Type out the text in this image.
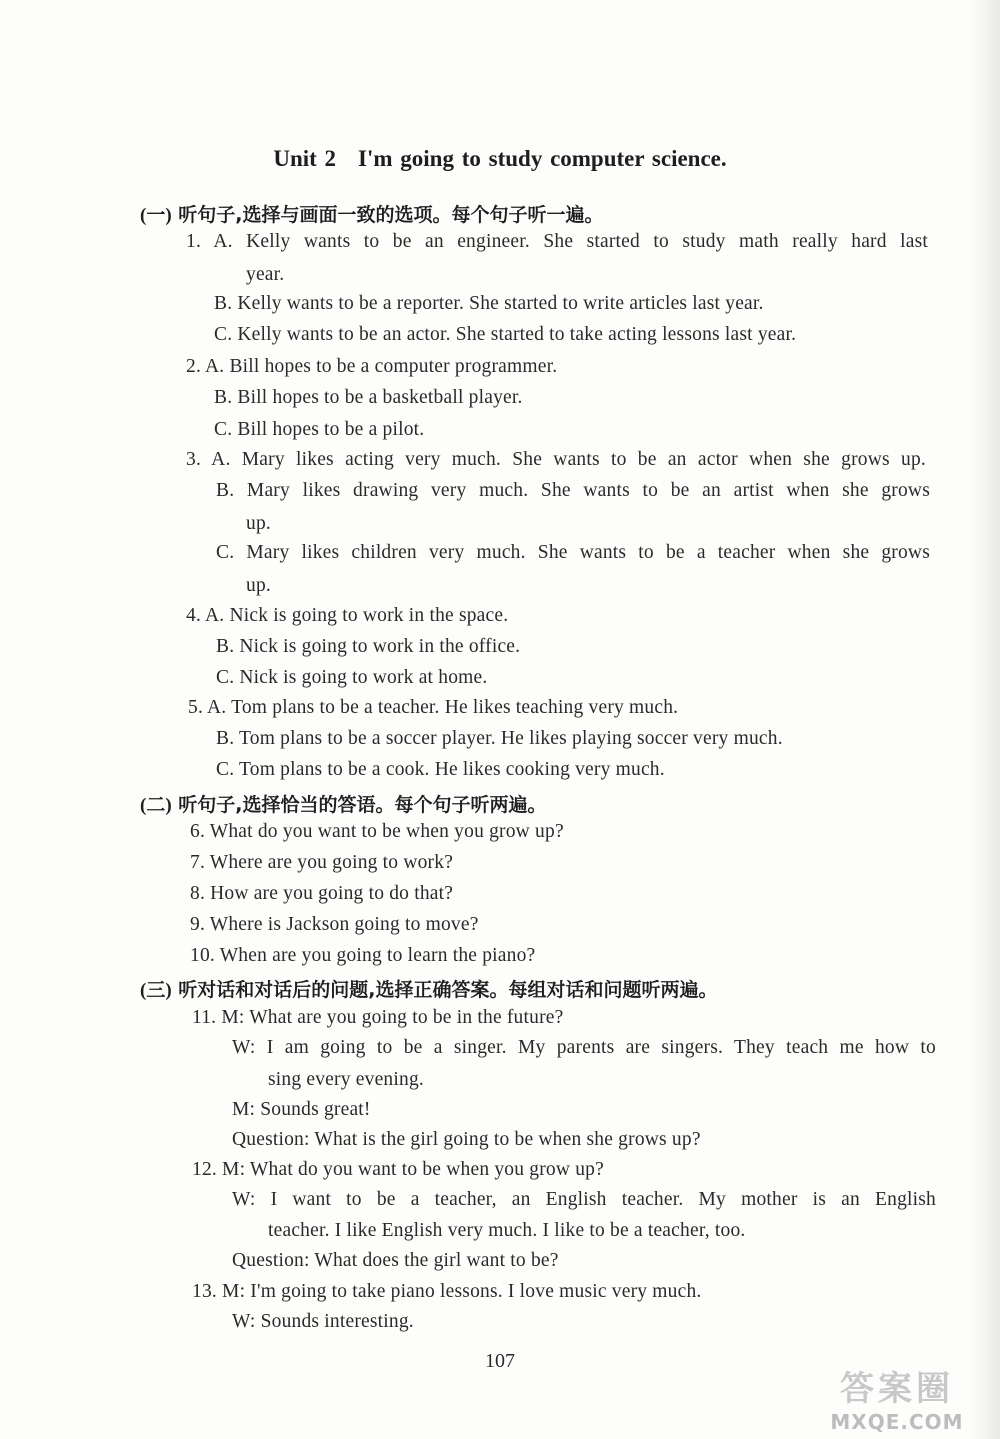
Unit 2 I'm going to study computer science.
(一) 听句子,选择与画面一致的选项。每个句子听一遍。
1. A. Kelly wants to be an engineer. She started to study math really hard last
year.
B. Kelly wants to be a reporter. She started to write articles last year.
C. Kelly wants to be an actor. She started to take acting lessons last year.
2. A. Bill hopes to be a computer programmer.
B. Bill hopes to be a basketball player.
C. Bill hopes to be a pilot.
3. A. Mary likes acting very much. She wants to be an actor when she grows up.
B. Mary likes drawing very much. She wants to be an artist when she grows
up.
C. Mary likes children very much. She wants to be a teacher when she grows
up.
4. A. Nick is going to work in the space.
B. Nick is going to work in the office.
C. Nick is going to work at home.
5. A. Tom plans to be a teacher. He likes teaching very much.
B. Tom plans to be a soccer player. He likes playing soccer very much.
C. Tom plans to be a cook. He likes cooking very much.
(二) 听句子,选择恰当的答语。每个句子听两遍。
6. What do you want to be when you grow up?
7. Where are you going to work?
8. How are you going to do that?
9. Where is Jackson going to move?
10. When are you going to learn the piano?
(三) 听对话和对话后的问题,选择正确答案。每组对话和问题听两遍。
11. M: What are you going to be in the future?
W: I am going to be a singer. My parents are singers. They teach me how to
sing every evening.
M: Sounds great!
Question: What is the girl going to be when she grows up?
12. M: What do you want to be when you grow up?
W: I want to be a teacher, an English teacher. My mother is an English
teacher. I like English very much. I like to be a teacher, too.
Question: What does the girl want to be?
13. M: I'm going to take piano lessons. I love music very much.
W: Sounds interesting.
107
答案圈
MXQE.COM
